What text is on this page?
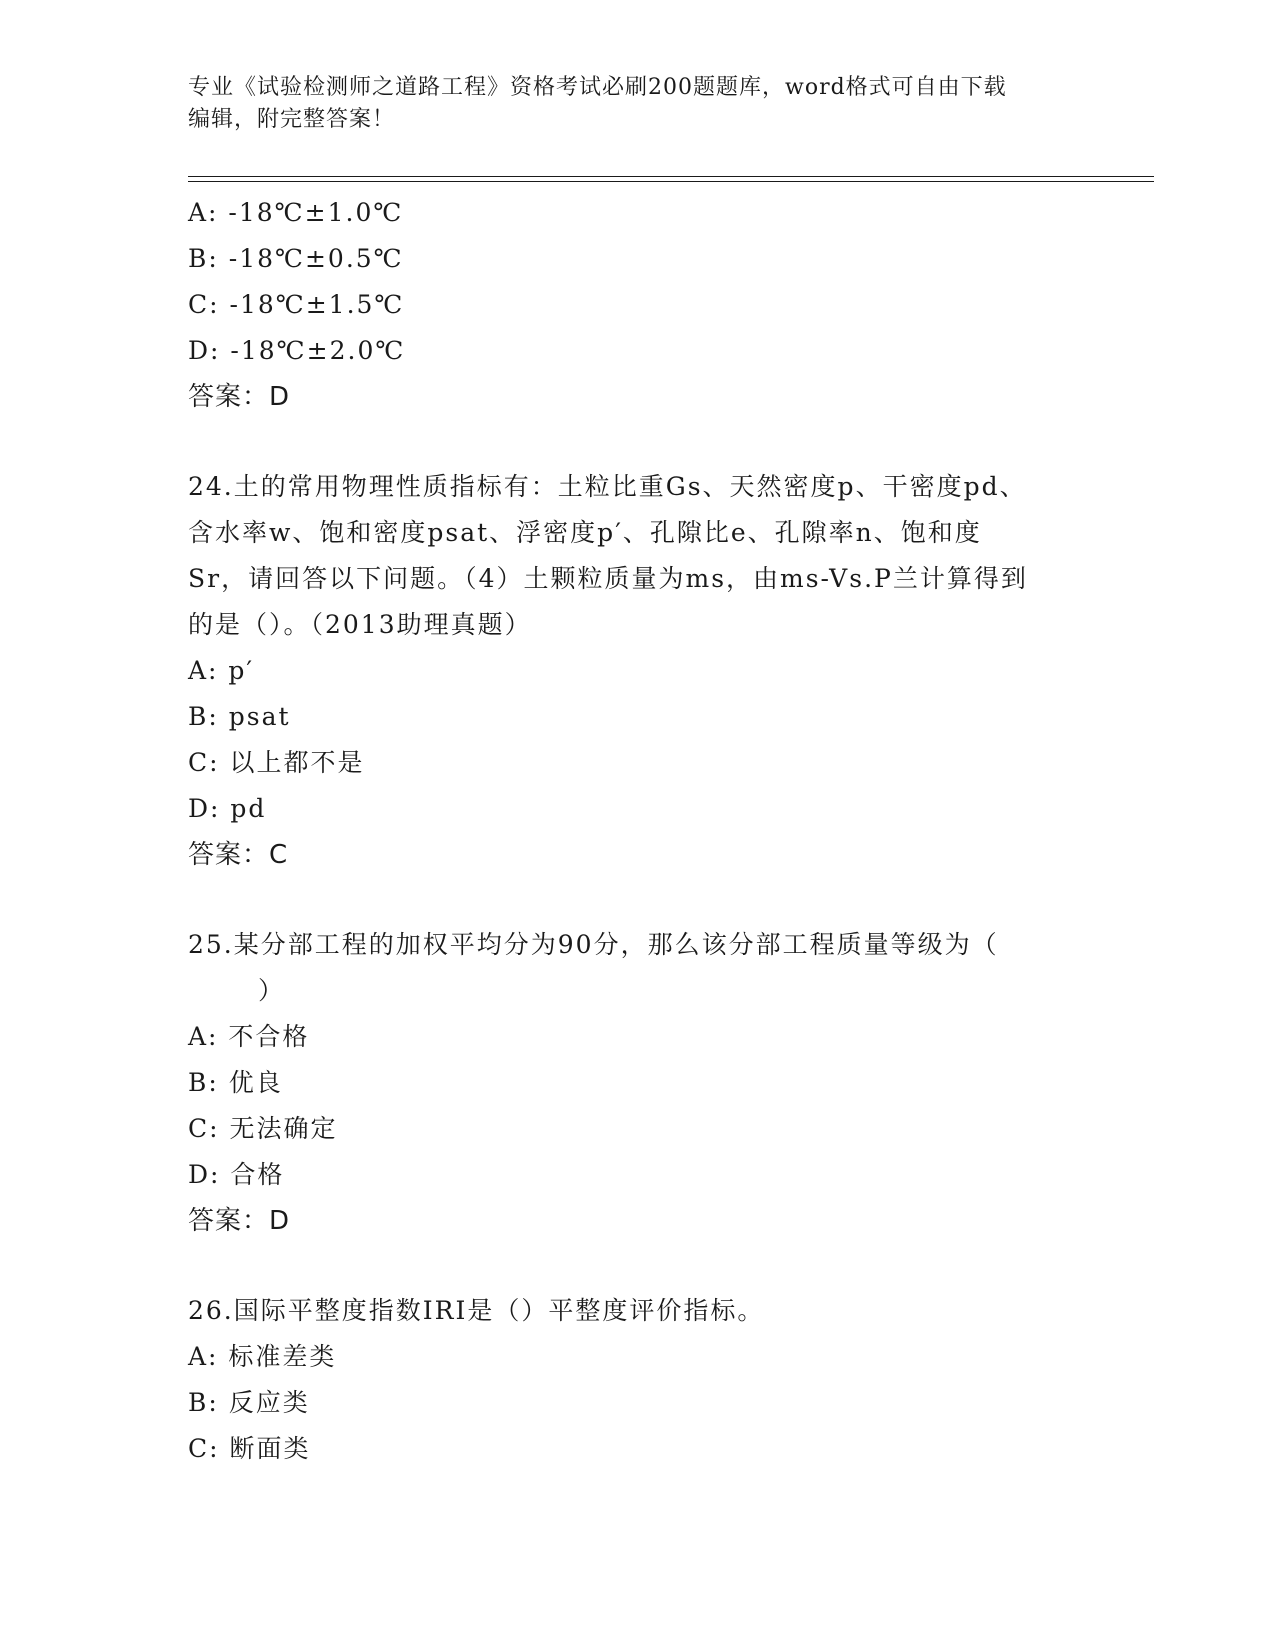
专业《试验检测师之道路工程》资格考试必刷200题题库，word格式可自由下载
编辑，附完整答案！
A: -18℃±1.0℃
B: -18℃±0.5℃
C: -18℃±1.5℃
D: -18℃±2.0℃
答案：D
24.土的常用物理性质指标有：土粒比重Gs、天然密度p、干密度pd、
含水率w、饱和密度psat、浮密度p′、孔隙比e、孔隙率n、饱和度
Sr，请回答以下问题。（4）土颗粒质量为ms，由ms-Vs.P兰计算得到
的是（）。（2013助理真题）
A: p′
B: psat
C: 以上都不是
D: pd
答案：C
25.某分部工程的加权平均分为90分，那么该分部工程质量等级为（
）
A: 不合格
B: 优良
C: 无法确定
D: 合格
答案：D
26.国际平整度指数IRI是（）平整度评价指标。
A: 标准差类
B: 反应类
C: 断面类
